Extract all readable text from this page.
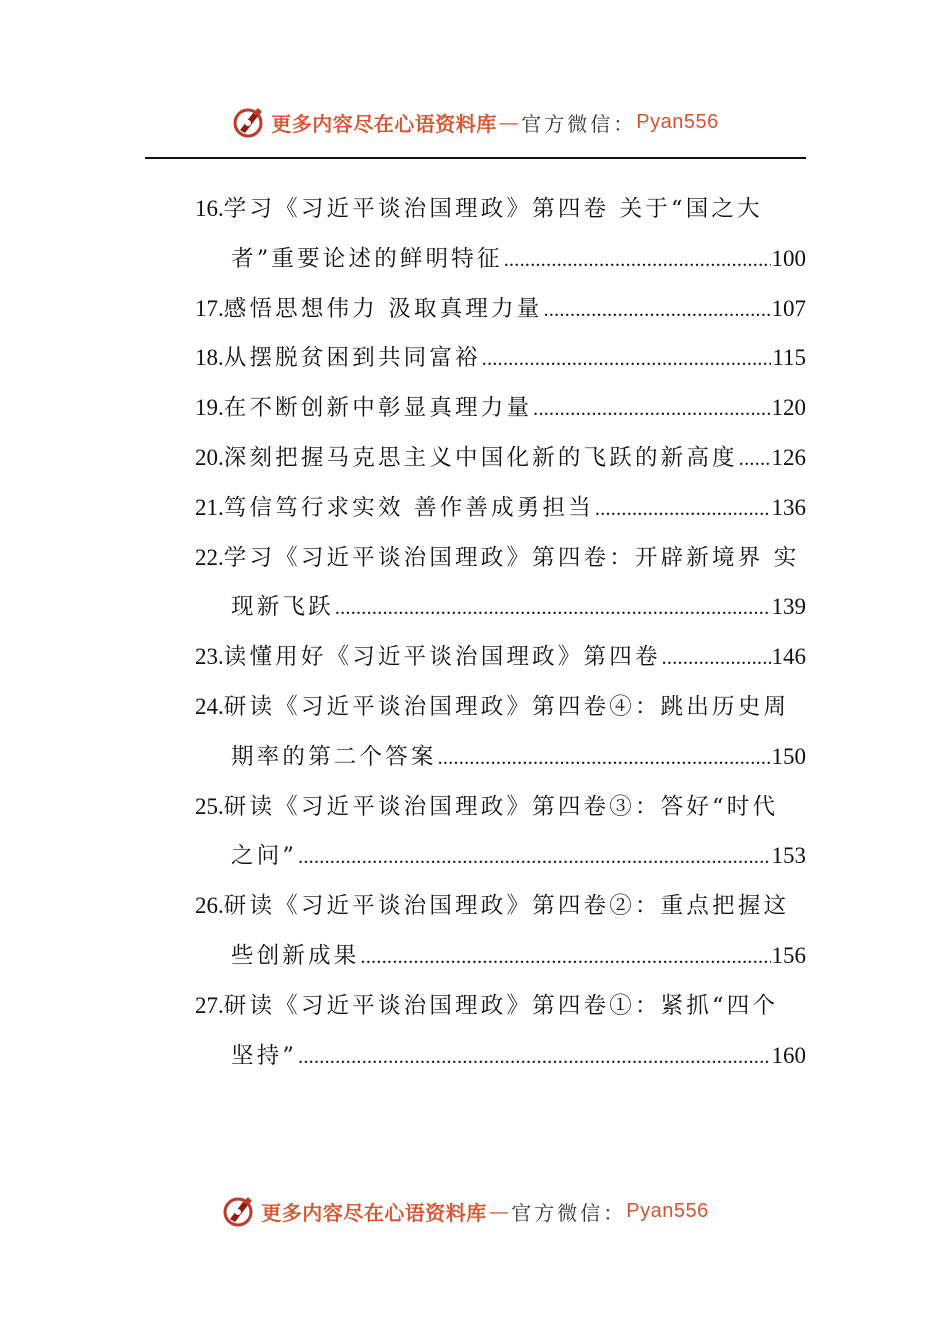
更多内容尽在心语资料库 — 官方微信： Pyan556
16. 学习《习近平谈治国理政》第四卷 关于“国之大
者”重要论述的鲜明特征 .....	100
17. 感悟思想伟力 汲取真理力量 .....	107
18. 从摆脱贫困到共同富裕 .....	115
19. 在不断创新中彰显真理力量 .....	120
20. 深刻把握马克思主义中国化新的飞跃的新高度 ..... 126
21. 笃信笃行求实效 善作善成勇担当 .....	136
22. 学习《习近平谈治国理政》第四卷：开辟新境界 实
现新飞跃 .....	139
23. 读懂用好《习近平谈治国理政》第四卷 .....	146
24. 研读《习近平谈治国理政》第四卷④：跳出历史周
期率的第二个答案 .....	150
25. 研读《习近平谈治国理政》第四卷③：答好“时代
之问” .....	153
26. 研读《习近平谈治国理政》第四卷②：重点把握这
些创新成果 .....	156
27. 研读《习近平谈治国理政》第四卷①：紧抓“四个
坚持” .....	160
更多内容尽在心语资料库 — 官方微信： Pyan556
